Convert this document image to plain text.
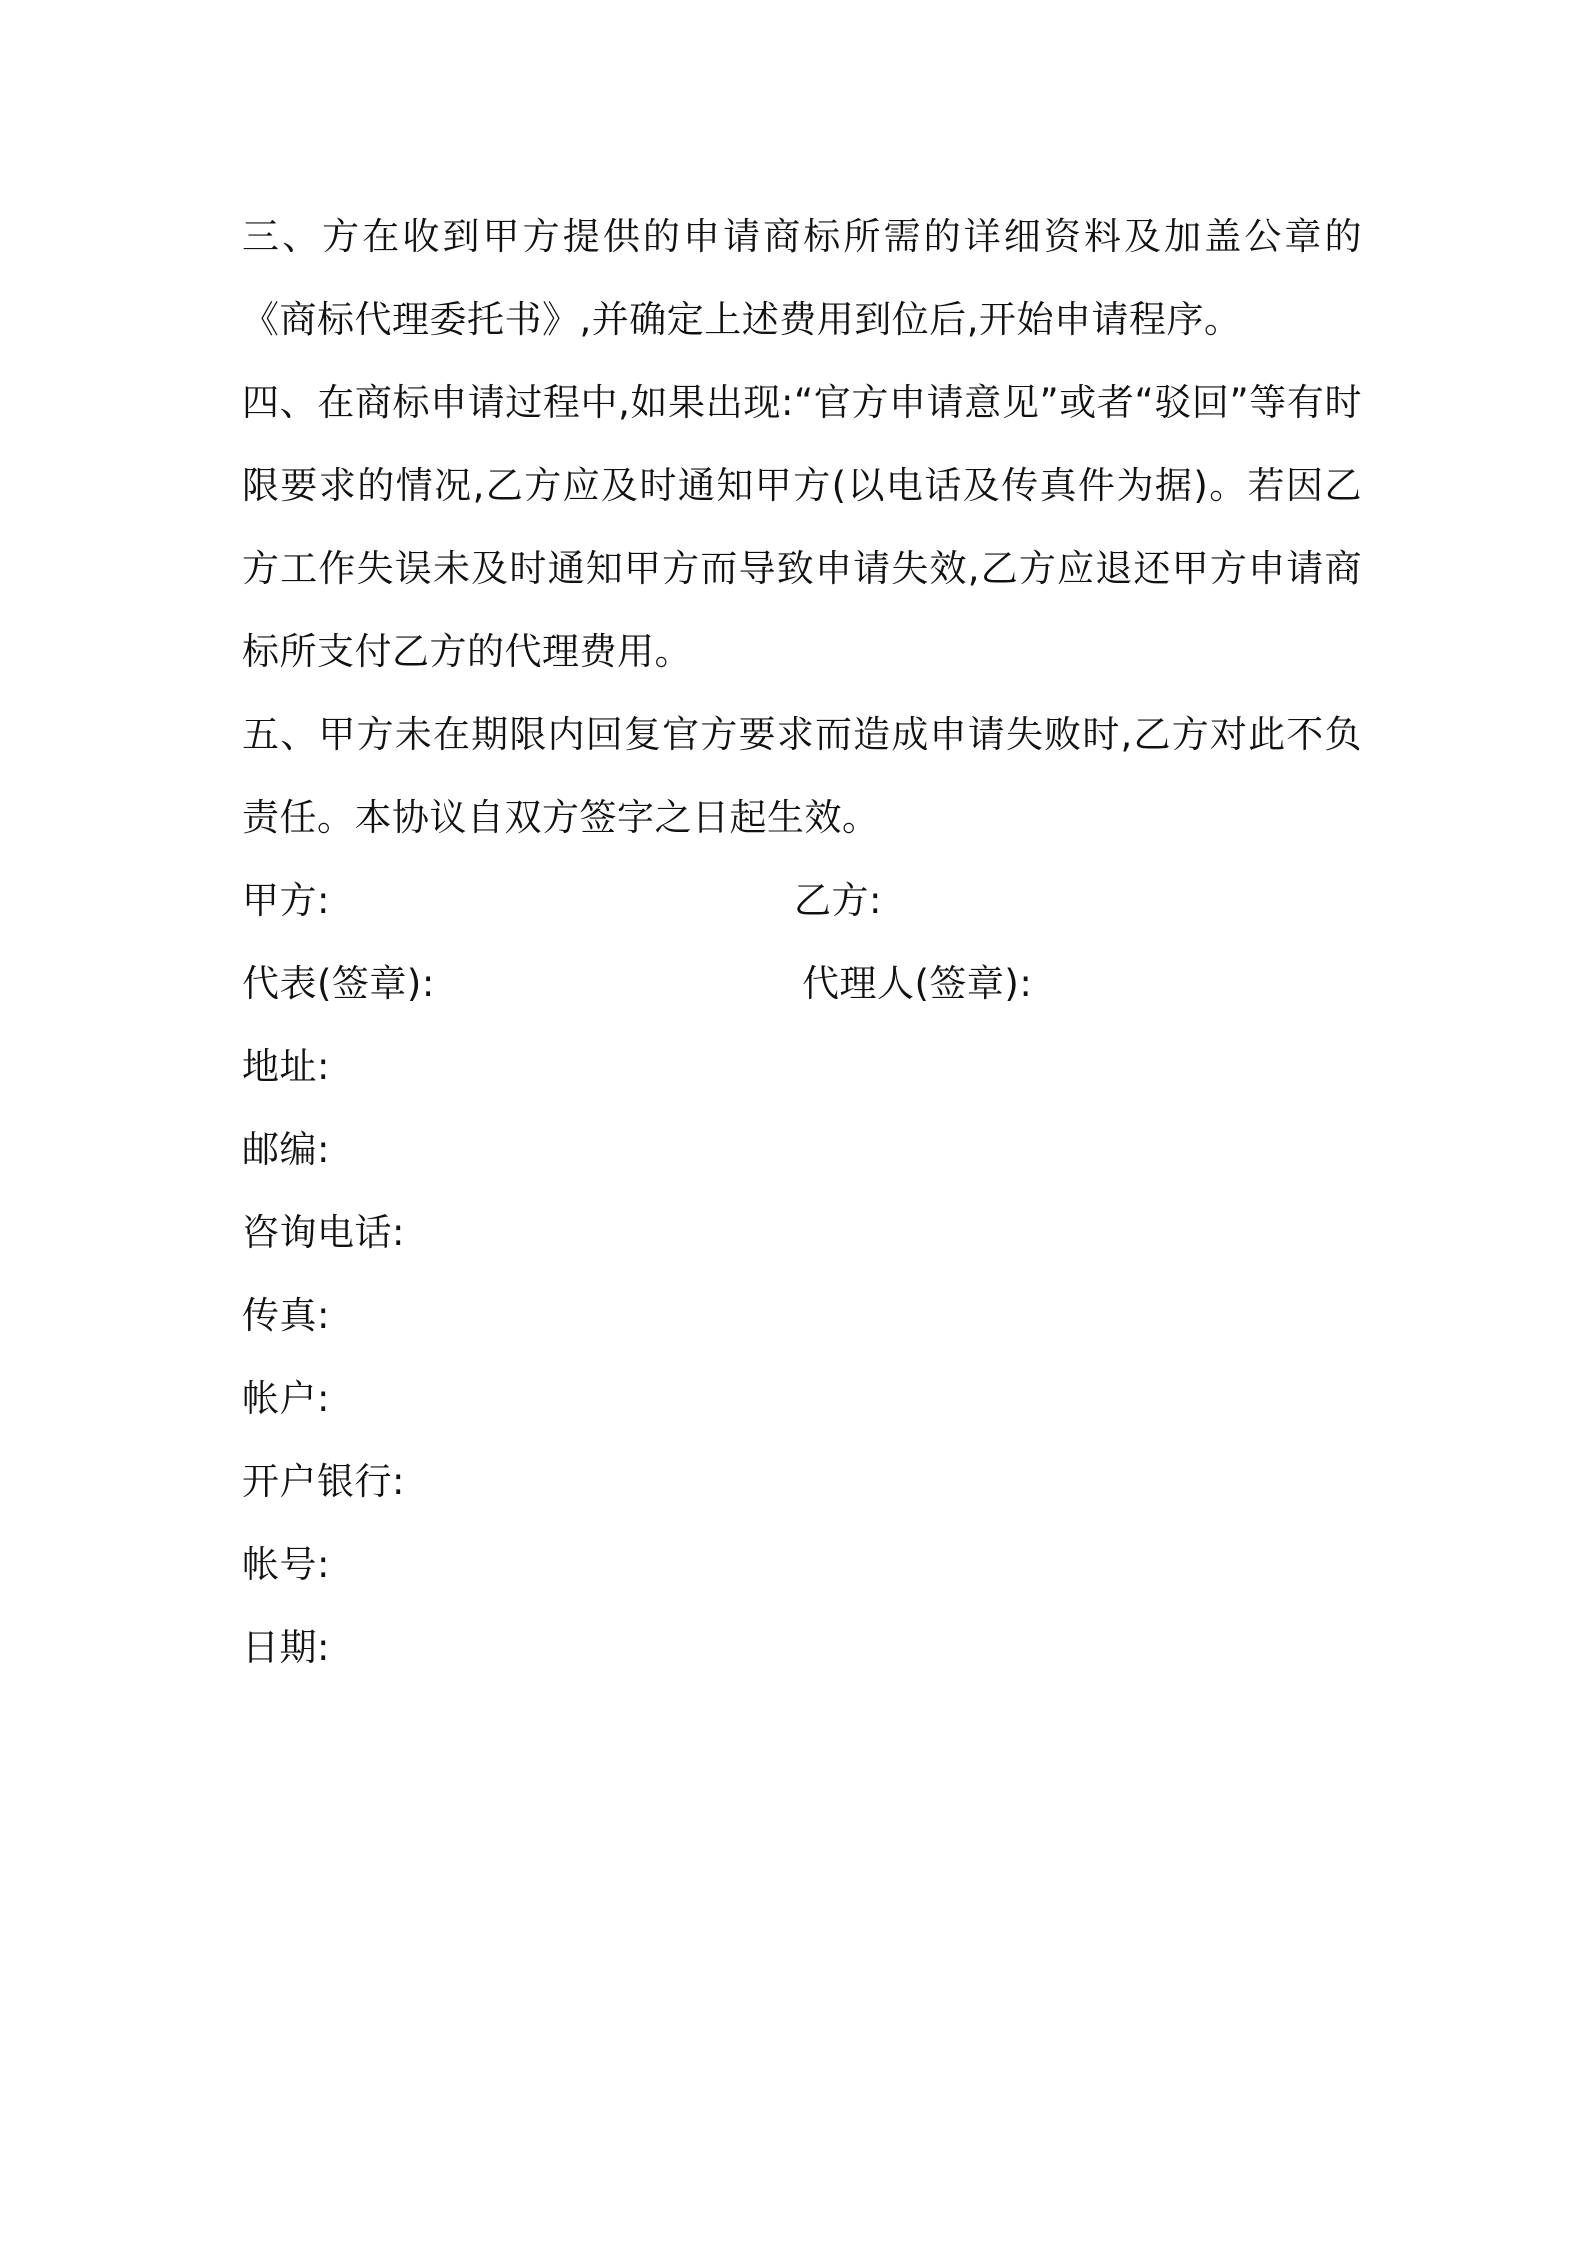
三、方在收到甲方提供的申请商标所需的详细资料及加盖公章的《商标代理委托书》,并确定上述费用到位后,开始申请程序。

四、在商标申请过程中,如果出现:“官方申请意见”或者“驳回”等有时限要求的情况,乙方应及时通知甲方(以电话及传真件为据)。若因乙方工作失误未及时通知甲方而导致申请失效,乙方应退还甲方申请商标所支付乙方的代理费用。

五、甲方未在期限内回复官方要求而造成申请失败时,乙方对此不负责任。本协议自双方签字之日起生效。

甲方:	乙方:
代表(签章):	代理人(签章):
地址:
邮编:
咨询电话:
传真:
帐户:
开户银行:
帐号:
日期:
